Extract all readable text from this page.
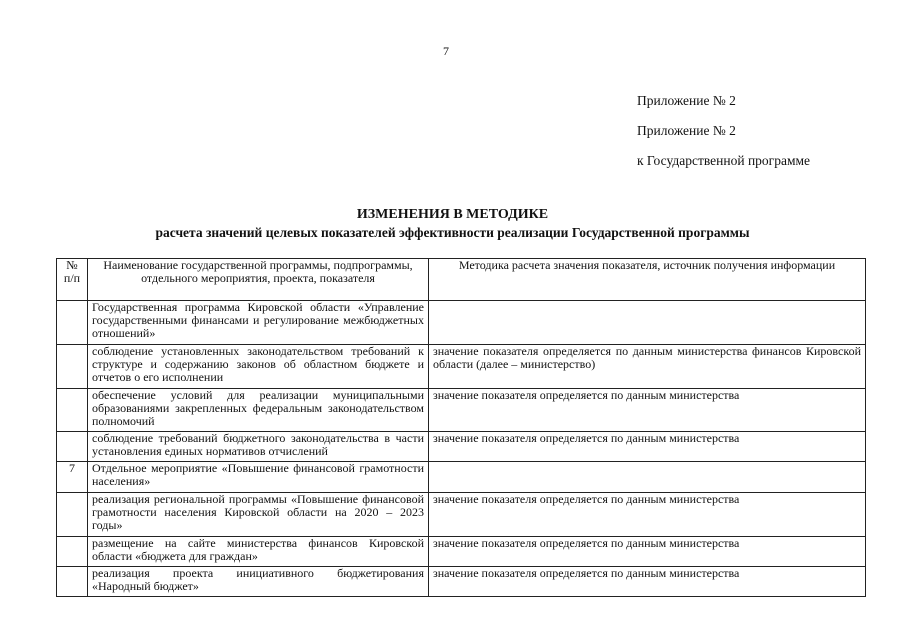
7
Приложение № 2
Приложение № 2
к Государственной программе
ИЗМЕНЕНИЯ В МЕТОДИКЕ
расчета значений целевых показателей эффективности реализации Государственной программы
№ п/п	Наименование государственной программы, подпрограммы, отдельного мероприятия, проекта, показателя	Методика расчета значения показателя, источник получения информации
	Государственная программа Кировской области «Управление государственными финансами и регулирование межбюджетных отношений»	
	соблюдение установленных законодательством требований к структуре и содержанию законов об областном бюджете и отчетов о его исполнении	значение показателя определяется по данным министерства финансов Кировской области (далее – министерство)
	обеспечение условий для реализации муниципальными образованиями закрепленных федеральным законодательством полномочий	значение показателя определяется по данным министерства
	соблюдение требований бюджетного законодательства в части установления единых нормативов отчислений	значение показателя определяется по данным министерства
7	Отдельное мероприятие «Повышение финансовой грамотности населения»	
	реализация региональной программы «Повышение финансовой грамотности населения Кировской области на 2020 – 2023 годы»	значение показателя определяется по данным министерства
	размещение на сайте министерства финансов Кировской области «бюджета для граждан»	значение показателя определяется по данным министерства
	реализация проекта инициативного бюджетирования «Народный бюджет»	значение показателя определяется по данным министерства
